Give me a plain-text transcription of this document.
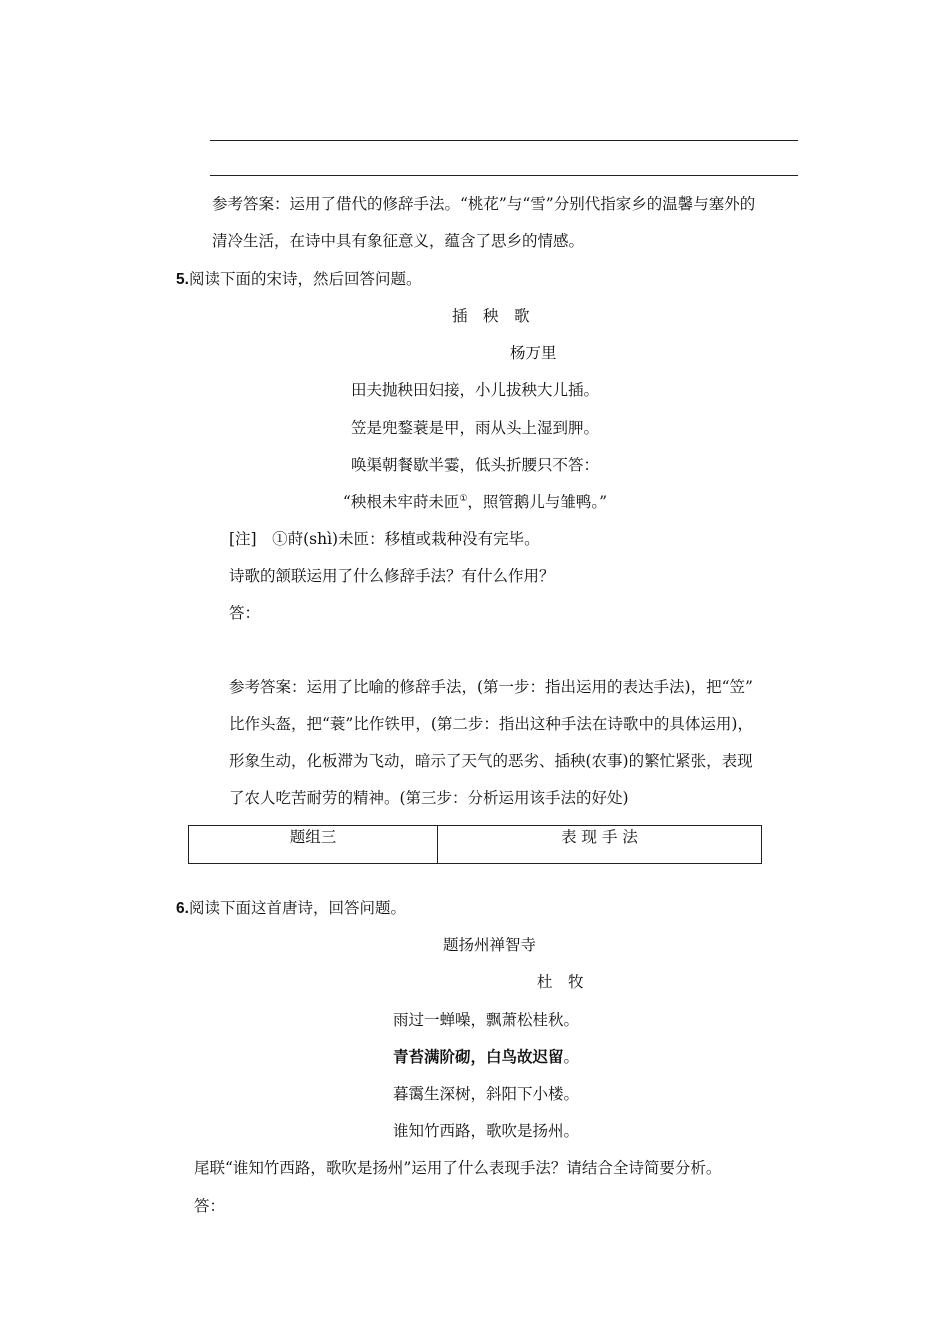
参考答案：运用了借代的修辞手法。“桃花”与“雪”分别代指家乡的温馨与塞外的
清冷生活，在诗中具有象征意义，蕴含了思乡的情感。
5.阅读下面的宋诗，然后回答问题。
插　秧　歌
杨万里
田夫抛秧田妇接，小儿拔秧大儿插。
笠是兜鍪蓑是甲，雨从头上湿到胛。
唤渠朝餐歇半霎，低头折腰只不答：
“秧根未牢莳未匝①，照管鹅儿与雏鸭。”
[注]　①莳(shì)未匝：移植或栽种没有完毕。
诗歌的颔联运用了什么修辞手法？有什么作用？
答：
参考答案：运用了比喻的修辞手法，(第一步：指出运用的表达手法)，把“笠”
比作头盔，把“蓑”比作铁甲，(第二步：指出这种手法在诗歌中的具体运用)，
形象生动，化板滞为飞动，暗示了天气的恶劣、插秧(农事)的繁忙紧张，表现
了农人吃苦耐劳的精神。(第三步：分析运用该手法的好处)
题组三	表 现 手 法
6.阅读下面这首唐诗，回答问题。
题扬州禅智寺
杜　牧
雨过一蝉噪，飘萧松桂秋。
青苔满阶砌，白鸟故迟留。
暮霭生深树，斜阳下小楼。
谁知竹西路，歌吹是扬州。
尾联“谁知竹西路，歌吹是扬州”运用了什么表现手法？请结合全诗简要分析。
答：
